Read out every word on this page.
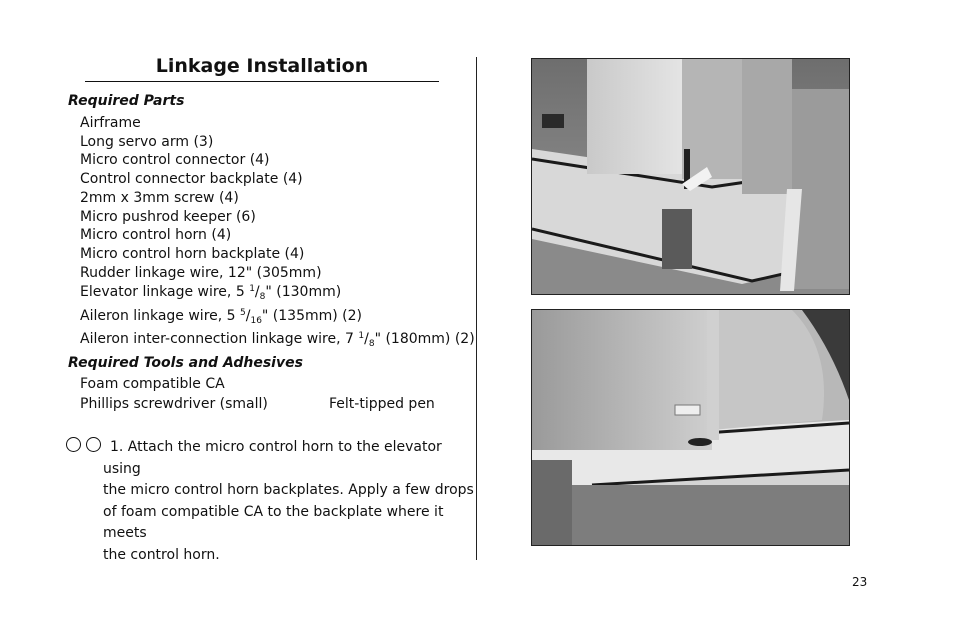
Linkage Installation
Required Parts
Airframe
Long servo arm (3)
Micro control connector (4)
Control connector backplate (4)
2mm x 3mm screw (4)
Micro pushrod keeper (6)
Micro control horn (4)
Micro control horn backplate (4)
Rudder linkage wire, 12" (305mm)
Elevator linkage wire, 5 $^1/_8$" (130mm)
Aileron linkage wire, 5 $^5/_{16}$" (135mm) (2)
Aileron inter-connection linkage wire, 7 $^1/_8$" (180mm) (2)
Required Tools and Adhesives
Foam compatible CA
Phillips screwdriver (small)	Felt-tipped pen
1. Attach the micro control horn to the elevator using
the micro control horn backplates. Apply a few drops
of foam compatible CA to the backplate where it meets
the control horn.
23
